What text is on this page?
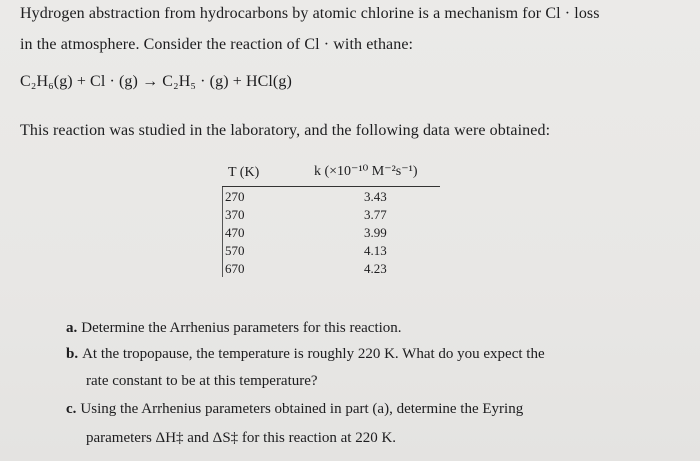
Hydrogen abstraction from hydrocarbons by atomic chlorine is a mechanism for Cl · loss
in the atmosphere. Consider the reaction of Cl · with ethane:
C₂H₆(g) + Cl · (g) → C₂H₅ · (g) + HCl(g)
This reaction was studied in the laboratory, and the following data were obtained:
T (K)	k (×10⁻¹⁰ M⁻²s⁻¹)
270	3.43
370	3.77
470	3.99
570	4.13
670	4.23
a. Determine the Arrhenius parameters for this reaction.
b. At the tropopause, the temperature is roughly 220 K. What do you expect the
rate constant to be at this temperature?
c. Using the Arrhenius parameters obtained in part (a), determine the Eyring
parameters ΔH‡ and ΔS‡ for this reaction at 220 K.
